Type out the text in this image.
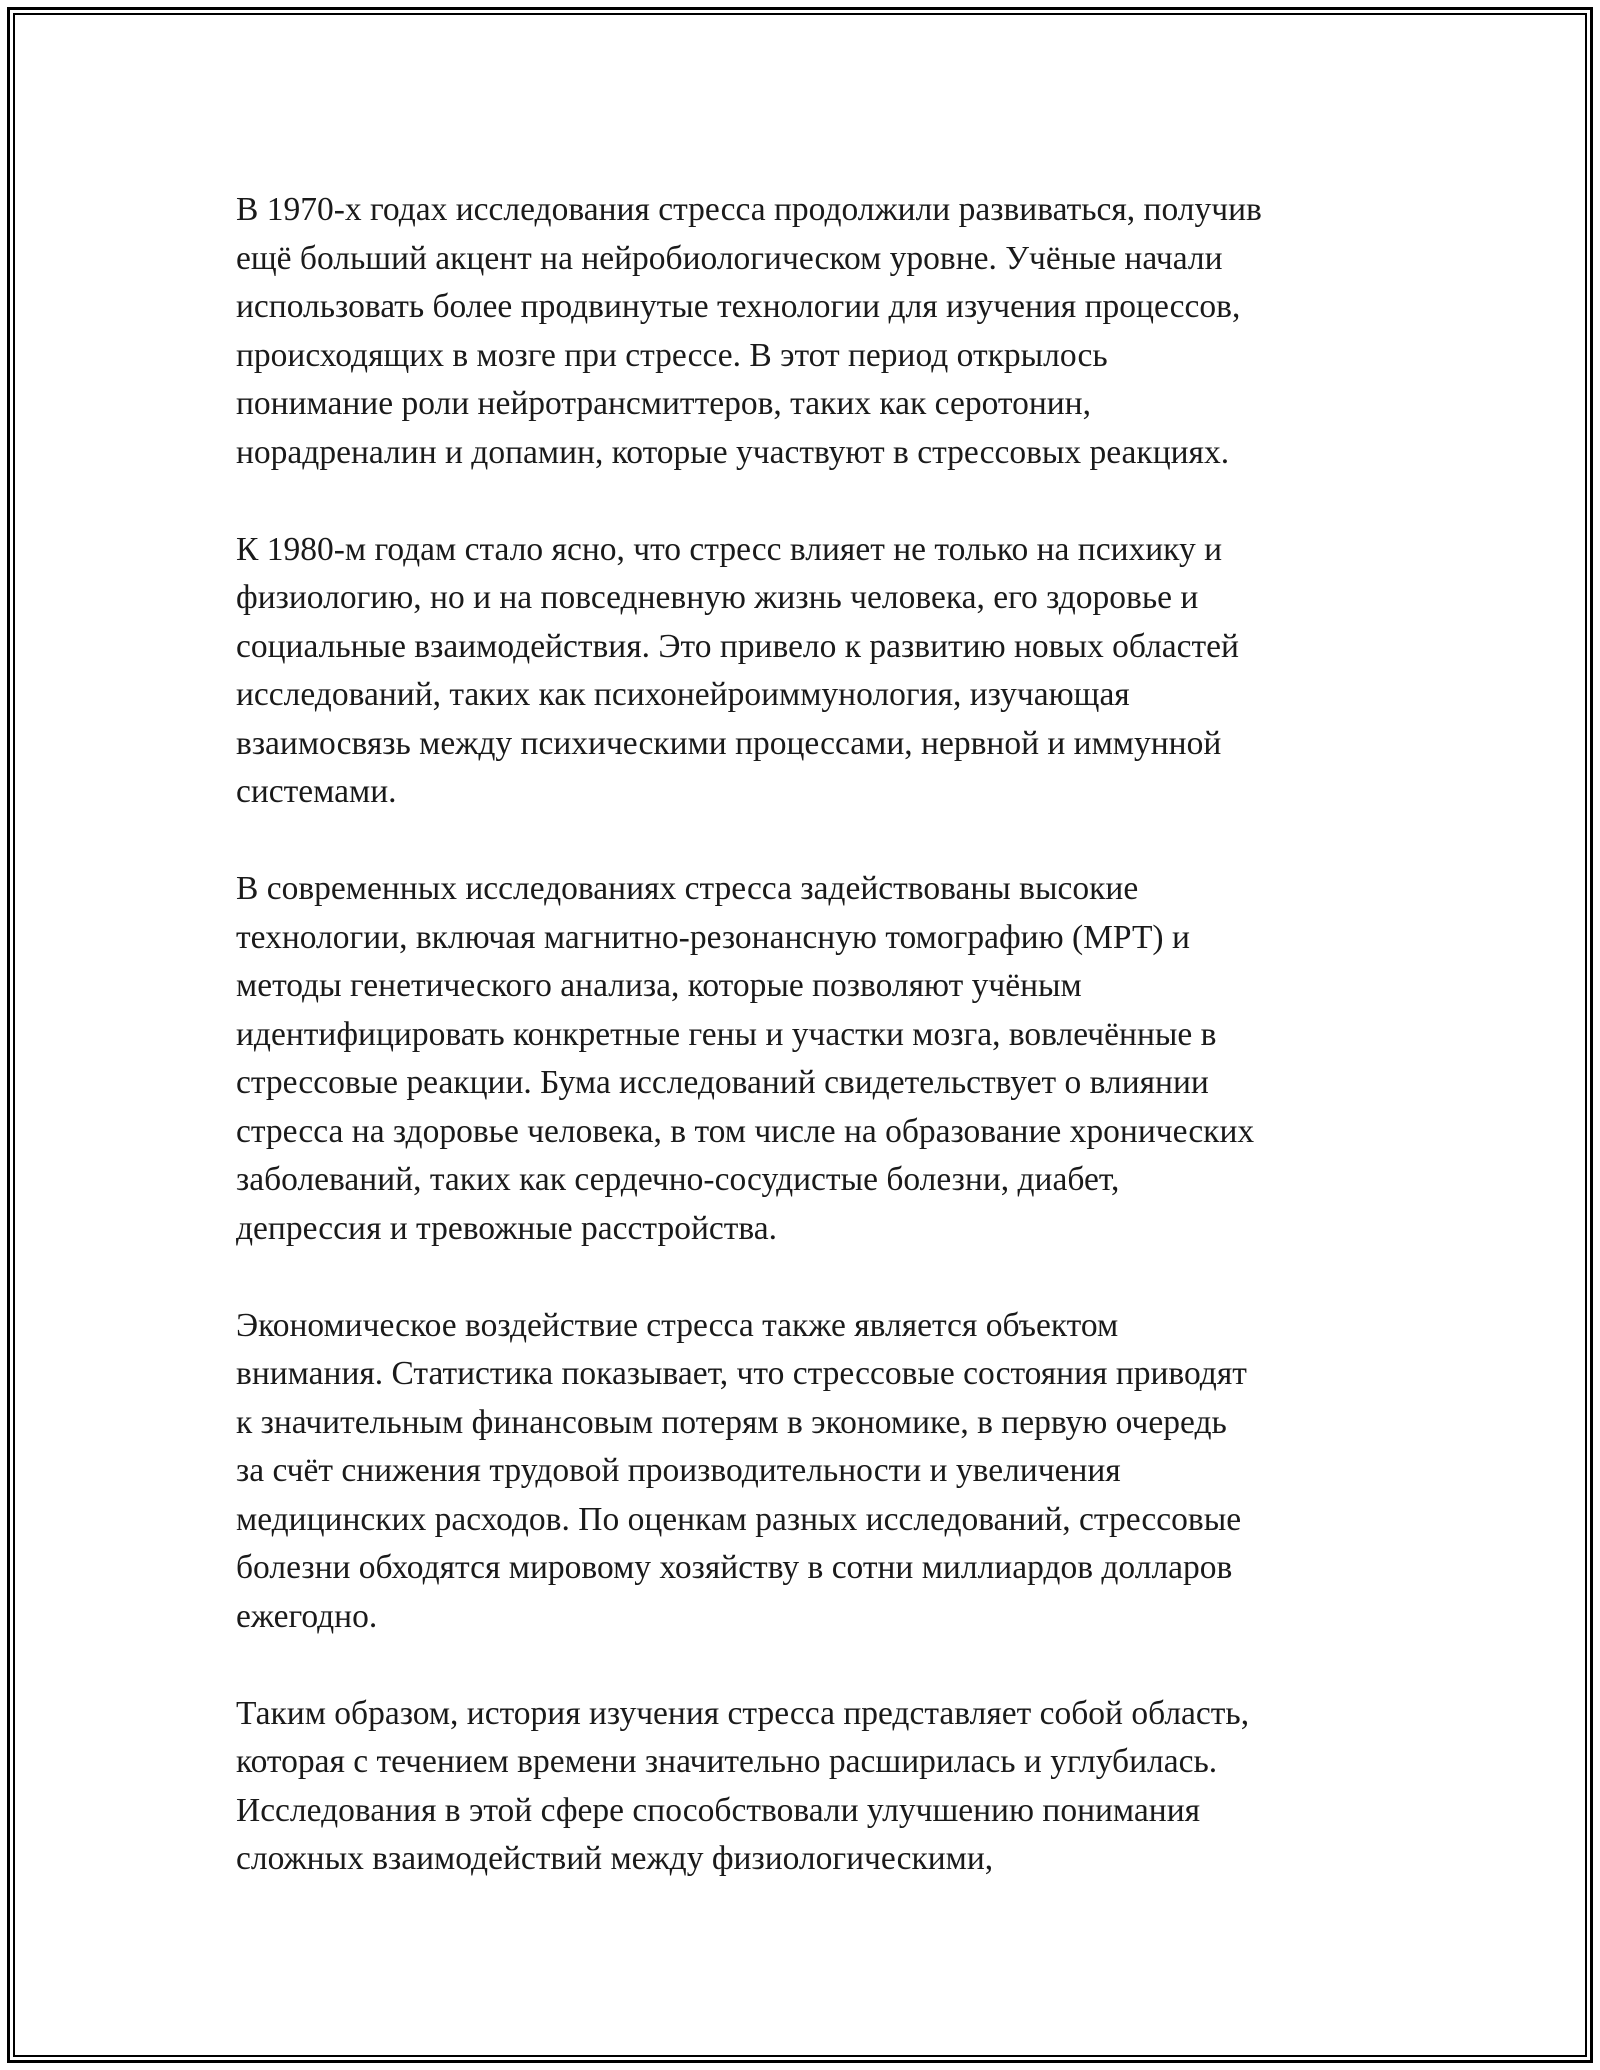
В 1970-х годах исследования стресса продолжили развиваться, получив
ещё больший акцент на нейробиологическом уровне. Учёные начали
использовать более продвинутые технологии для изучения процессов,
происходящих в мозге при стрессе. В этот период открылось
понимание роли нейротрансмиттеров, таких как серотонин,
норадреналин и допамин, которые участвуют в стрессовых реакциях.

К 1980-м годам стало ясно, что стресс влияет не только на психику и
физиологию, но и на повседневную жизнь человека, его здоровье и
социальные взаимодействия. Это привело к развитию новых областей
исследований, таких как психонейроиммунология, изучающая
взаимосвязь между психическими процессами, нервной и иммунной
системами.

В современных исследованиях стресса задействованы высокие
технологии, включая магнитно-резонансную томографию (МРТ) и
методы генетического анализа, которые позволяют учёным
идентифицировать конкретные гены и участки мозга, вовлечённые в
стрессовые реакции. Бума исследований свидетельствует о влиянии
стресса на здоровье человека, в том числе на образование хронических
заболеваний, таких как сердечно-сосудистые болезни, диабет,
депрессия и тревожные расстройства.

Экономическое воздействие стресса также является объектом
внимания. Статистика показывает, что стрессовые состояния приводят
к значительным финансовым потерям в экономике, в первую очередь
за счёт снижения трудовой производительности и увеличения
медицинских расходов. По оценкам разных исследований, стрессовые
болезни обходятся мировому хозяйству в сотни миллиардов долларов
ежегодно.

Таким образом, история изучения стресса представляет собой область,
которая с течением времени значительно расширилась и углубилась.
Исследования в этой сфере способствовали улучшению понимания
сложных взаимодействий между физиологическими,
